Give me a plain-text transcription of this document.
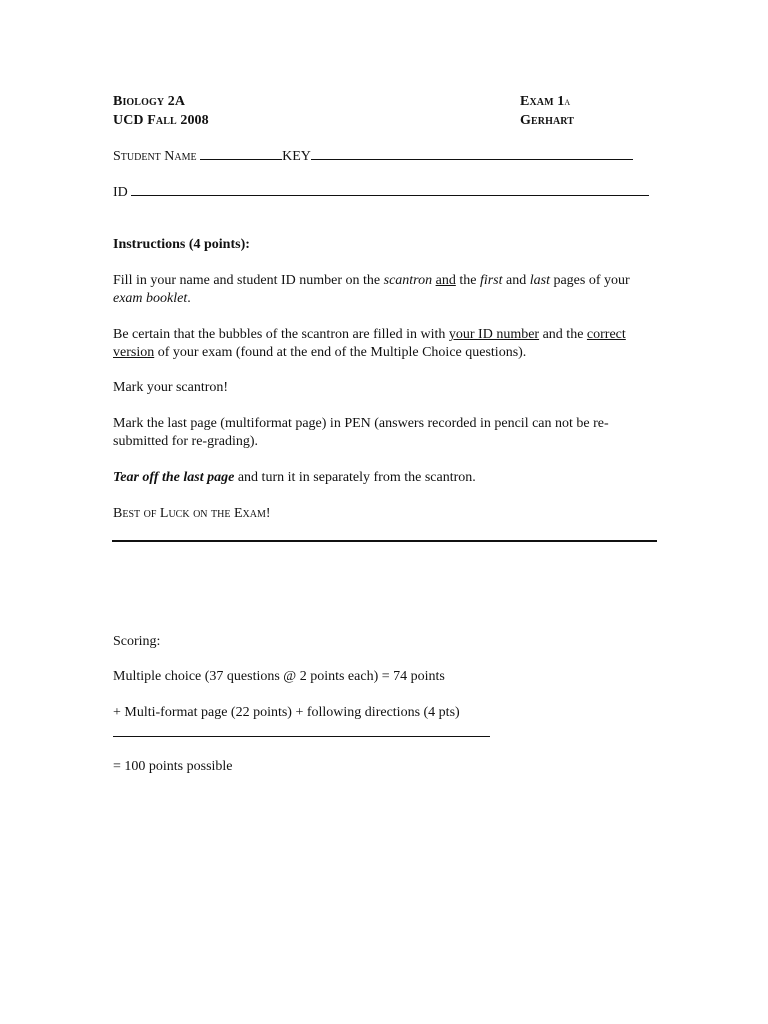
Biology 2A
UCD Fall 2008
Exam 1a
Gerhart
Student Name	KEY
ID
Instructions (4 points):
Fill in your name and student ID number on the scantron and the first and last pages of your exam booklet.
Be certain that the bubbles of the scantron are filled in with your ID number and the correct version of your exam (found at the end of the Multiple Choice questions).
Mark your scantron!
Mark the last page (multiformat page) in PEN (answers recorded in pencil can not be re-submitted for re-grading).
Tear off the last page and turn it in separately from the scantron.
Best of Luck on the Exam!
Scoring:
Multiple choice (37 questions @ 2 points each) = 74 points
+ Multi-format page (22 points) + following directions (4 pts)
= 100 points possible
